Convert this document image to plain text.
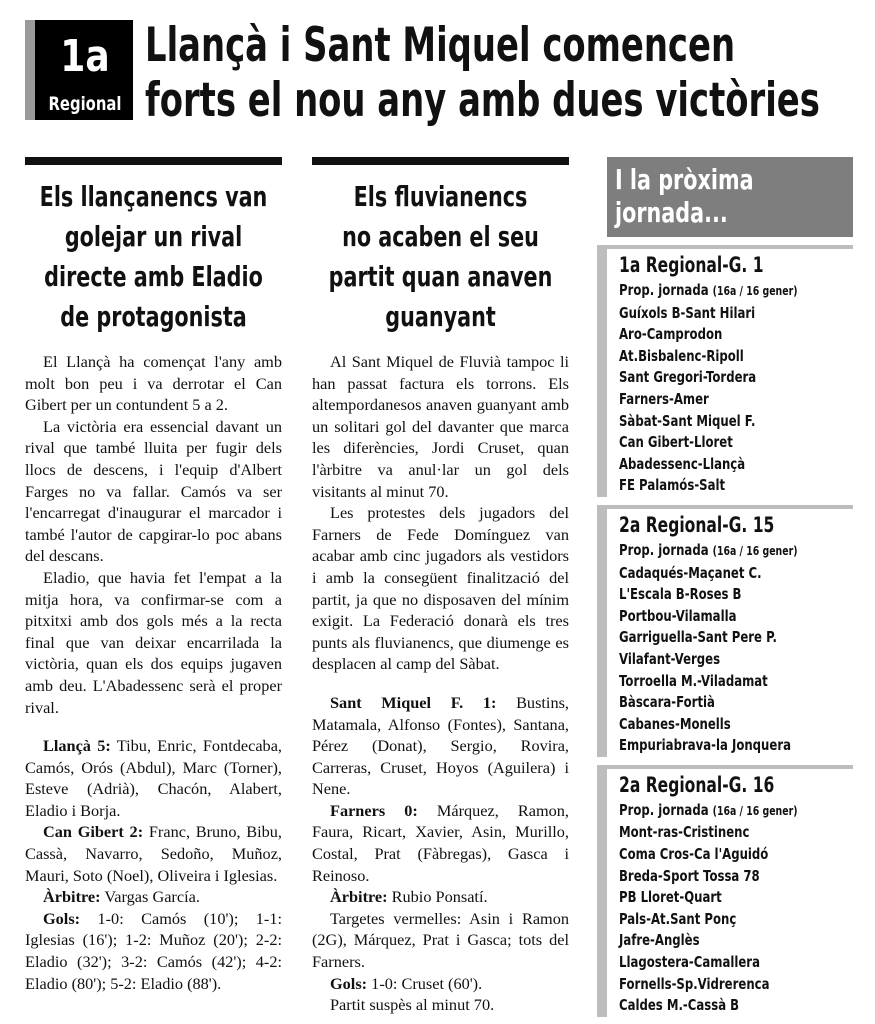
1a
Regional
Llançà i Sant Miquel comencen
forts el nou any amb dues victòries
Els llançanencs van
golejar un rival
directe amb Eladio
de protagonista

El Llançà ha començat l'any amb molt bon peu i va derrotar el Can Gibert per un contundent 5 a 2.

La victòria era essencial davant un rival que també lluita per fugir dels llocs de descens, i l'equip d'Albert Farges no va fallar. Camós va ser l'encarregat d'inaugurar el marcador i també l'autor de capgirar-lo poc abans del descans.

Eladio, que havia fet l'empat a la mitja hora, va confirmar-se com a pitxitxi amb dos gols més a la recta final que van deixar encarrilada la victòria, quan els dos equips jugaven amb deu. L'Abadessenc serà el proper rival.

Llançà 5: Tibu, Enric, Fontdecaba, Camós, Orós (Abdul), Marc (Torner), Esteve (Adrià), Chacón, Alabert, Eladio i Borja.

Can Gibert 2: Franc, Bruno, Bibu, Cassà, Navarro, Sedoño, Muñoz, Mauri, Soto (Noel), Oliveira i Iglesias.

Àrbitre: Vargas García.

Gols: 1-0: Camós (10'); 1-1: Iglesias (16'); 1-2: Muñoz (20'); 2-2: Eladio (32'); 3-2: Camós (42'); 4-2: Eladio (80'); 5-2: Eladio (88').

Els fluvianencs
no acaben el seu
partit quan anaven
guanyant

Al Sant Miquel de Fluvià tampoc li han passat factura els torrons. Els altempordanesos anaven guanyant amb un solitari gol del davanter que marca les diferències, Jordi Cruset, quan l'àrbitre va anul·lar un gol dels visitants al minut 70.

Les protestes dels jugadors del Farners de Fede Domínguez van acabar amb cinc jugadors als vestidors i amb la consegüent finalització del partit, ja que no disposaven del mínim exigit. La Federació donarà els tres punts als fluvianencs, que diumenge es desplacen al camp del Sàbat.

Sant Miquel F. 1: Bustins, Matamala, Alfonso (Fontes), Santana, Pérez (Donat), Sergio, Rovira, Carreras, Cruset, Hoyos (Aguilera) i Nene.

Farners 0: Márquez, Ramon, Faura, Ricart, Xavier, Asin, Murillo, Costal, Prat (Fàbregas), Gasca i Reinoso.

Àrbitre: Rubio Ponsatí.

Targetes vermelles: Asin i Ramon (2G), Márquez, Prat i Gasca; tots del Farners.

Gols: 1-0: Cruset (60').

Partit suspès al minut 70.

I la pròxima
jornada...
1a Regional-G. 1
Prop. jornada (16a / 16 gener)
Guíxols B-Sant Hilari
Aro-Camprodon
At.Bisbalenc-Ripoll
Sant Gregori-Tordera
Farners-Amer
Sàbat-Sant Miquel F.
Can Gibert-Lloret
Abadessenc-Llançà
FE Palamós-Salt
2a Regional-G. 15
Prop. jornada (16a / 16 gener)
Cadaqués-Maçanet C.
L'Escala B-Roses B
Portbou-Vilamalla
Garriguella-Sant Pere P.
Vilafant-Verges
Torroella M.-Viladamat
Bàscara-Fortià
Cabanes-Monells
Empuriabrava-la Jonquera
2a Regional-G. 16
Prop. jornada (16a / 16 gener)
Mont-ras-Cristinenc
Coma Cros-Ca l'Aguidó
Breda-Sport Tossa 78
PB Lloret-Quart
Pals-At.Sant Ponç
Jafre-Anglès
Llagostera-Camallera
Fornells-Sp.Vidrerenca
Caldes M.-Cassà B
